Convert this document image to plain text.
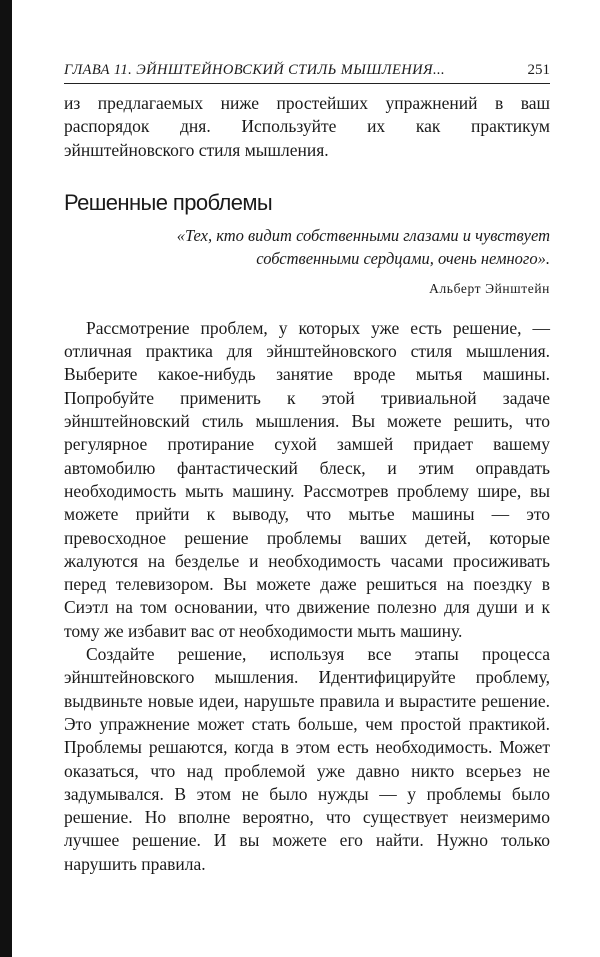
ГЛАВА 11. ЭЙНШТЕЙНОВСКИЙ СТИЛЬ МЫШЛЕНИЯ...	251

из предлагаемых ниже простейших упражнений в ваш распорядок дня. Используйте их как практикум эйнштейновского стиля мышления.

Решенные проблемы
«Тех, кто видит собственными глазами и чувствует
собственными сердцами, очень немного».
Альберт Эйнштейн

Рассмотрение проблем, у которых уже есть решение, — отличная практика для эйнштейновского стиля мышления. Выберите какое-нибудь занятие вроде мытья машины. Попробуйте применить к этой тривиальной задаче эйнштейновский стиль мышления. Вы можете решить, что регулярное протирание сухой замшей придает вашему автомобилю фантастический блеск, и этим оправдать необходимость мыть машину. Рассмотрев проблему шире, вы можете прийти к выводу, что мытье машины — это превосходное решение проблемы ваших детей, которые жалуются на безделье и необходимость часами просиживать перед телевизором. Вы можете даже решиться на поездку в Сиэтл на том основании, что движение полезно для души и к тому же избавит вас от необходимости мыть машину.

Создайте решение, используя все этапы процесса эйнштейновского мышления. Идентифицируйте проблему, выдвиньте новые идеи, нарушьте правила и вырастите решение. Это упражнение может стать больше, чем простой практикой. Проблемы решаются, когда в этом есть необходимость. Может оказаться, что над проблемой уже давно никто всерьез не задумывался. В этом не было нужды — у проблемы было решение. Но вполне вероятно, что существует неизмеримо лучшее решение. И вы можете его найти. Нужно только нарушить правила.
